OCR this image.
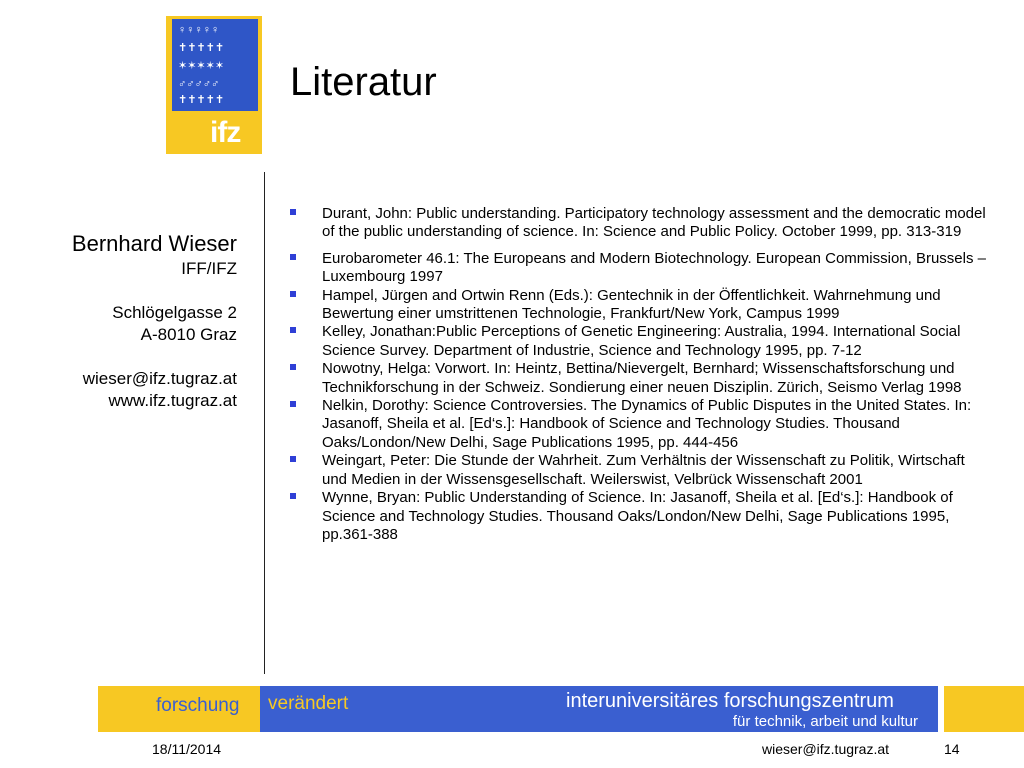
♀♀♀♀♀
✝✝✝✝✝
✶✶✶✶✶
♂♂♂♂♂
✝✝✝✝✝
ifz
Literatur
Bernhard Wieser
IFF/IFZ
Schlögelgasse 2
A-8010 Graz
wieser@ifz.tugraz.at
www.ifz.tugraz.at
Durant, John: Public understanding. Participatory technology assessment and the democratic model of the public understanding of science. In: Science and Public Policy. October 1999, pp. 313-319
Eurobarometer 46.1: The Europeans and Modern Biotechnology. European Commission, Brussels – Luxembourg 1997
Hampel, Jürgen and Ortwin Renn (Eds.): Gentechnik in der Öffentlichkeit. Wahrnehmung und Bewertung einer umstrittenen Technologie, Frankfurt/New York, Campus 1999
Kelley, Jonathan:Public Perceptions of Genetic Engineering: Australia, 1994. International Social Science Survey. Department of Industrie, Science and Technology 1995, pp. 7-12
Nowotny, Helga: Vorwort. In: Heintz, Bettina/Nievergelt, Bernhard; Wissenschaftsforschung und Technikforschung in der Schweiz. Sondierung einer neuen Disziplin. Zürich, Seismo Verlag 1998
Nelkin, Dorothy: Science Controversies. The Dynamics of Public Disputes in the United States. In: Jasanoff, Sheila et al. [Ed‘s.]: Handbook of Science and Technology Studies. Thousand Oaks/London/New Delhi, Sage Publications 1995, pp. 444-456
Weingart, Peter: Die Stunde der Wahrheit. Zum Verhältnis der Wissenschaft zu Politik, Wirtschaft und Medien in der Wissensgesellschaft. Weilerswist, Velbrück Wissenschaft 2001
Wynne, Bryan: Public Understanding of Science. In: Jasanoff, Sheila et al. [Ed‘s.]: Handbook of Science and Technology Studies. Thousand Oaks/London/New Delhi, Sage Publications 1995, pp.361-388
forschung verändert	interuniversitäres forschungszentrum
für technik, arbeit und kultur
18/11/2014	wieser@ifz.tugraz.at	14
